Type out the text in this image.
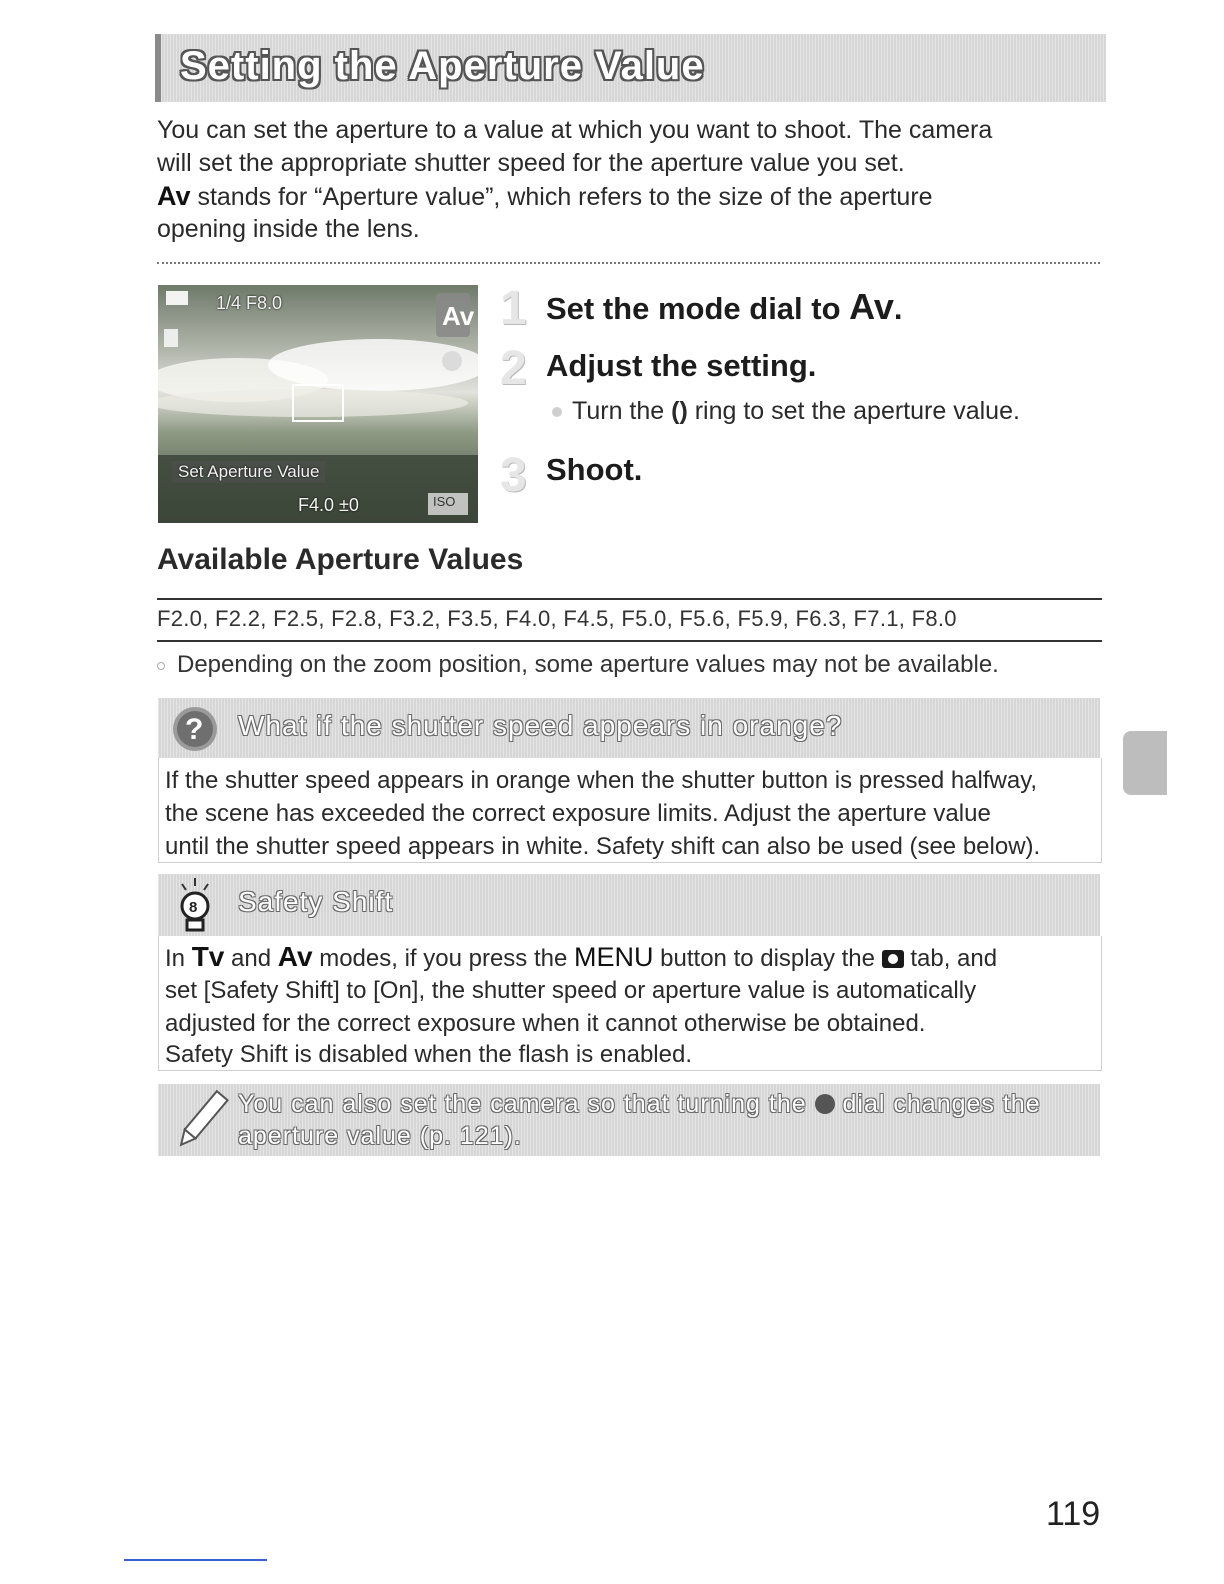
Setting the Aperture Value
You can set the aperture to a value at which you want to shoot. The camera
will set the appropriate shutter speed for the aperture value you set.
Av stands for “Aperture value”, which refers to the size of the aperture
opening inside the lens.
Av
1/4 F8.0
Set Aperture Value
F4.0 ±0	ISO
1 Set the mode dial to Av.
2 Adjust the setting.
Turn the () ring to set the aperture value.
3 Shoot.
Available Aperture Values
F2.0, F2.2, F2.5, F2.8, F3.2, F3.5, F4.0, F4.5, F5.0, F5.6, F5.9, F6.3, F7.1, F8.0
Depending on the zoom position, some aperture values may not be available.
? What if the shutter speed appears in orange?
If the shutter speed appears in orange when the shutter button is pressed halfway,
the scene has exceeded the correct exposure limits. Adjust the aperture value
until the shutter speed appears in white. Safety shift can also be used (see below).
8 Safety Shift
In Tv and Av modes, if you press the MENU button to display the  tab, and
set [Safety Shift] to [On], the shutter speed or aperture value is automatically
adjusted for the correct exposure when it cannot otherwise be obtained.
Safety Shift is disabled when the flash is enabled.
You can also set the camera so that turning the  dial changes the
aperture value (p. 121).
119
